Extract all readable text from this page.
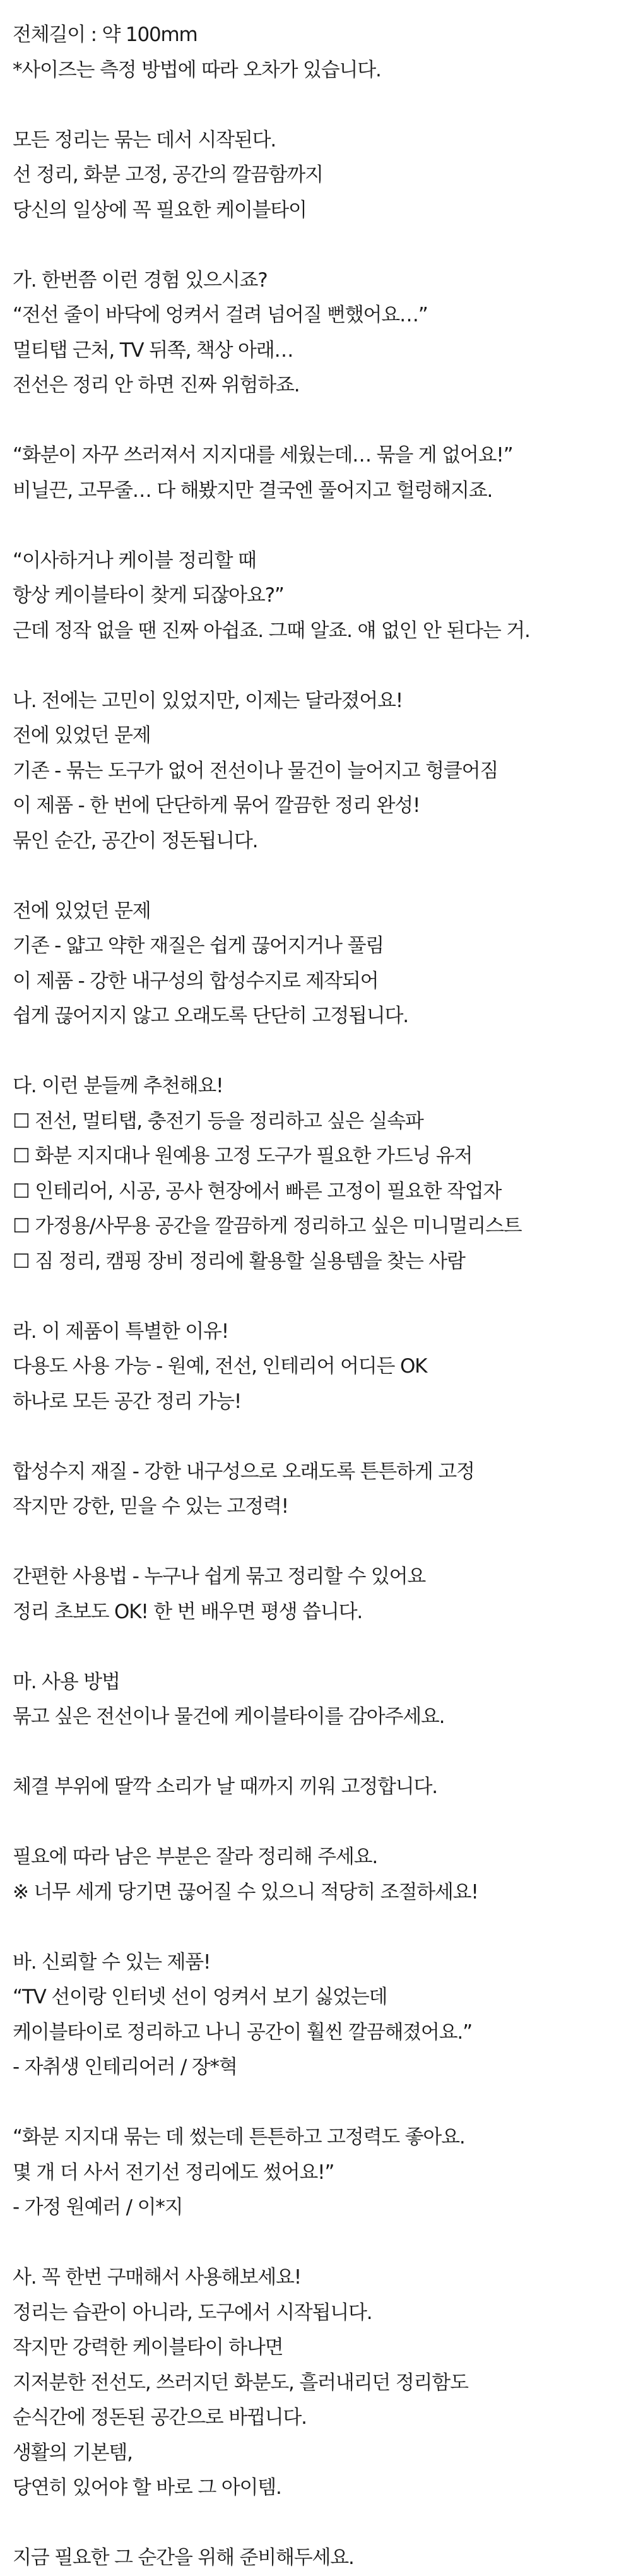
전체길이 : 약 100mm
*사이즈는 측정 방법에 따라 오차가 있습니다.
모든 정리는 묶는 데서 시작된다.
선 정리, 화분 고정, 공간의 깔끔함까지
당신의 일상에 꼭 필요한 케이블타이
가. 한번쯤 이런 경험 있으시죠?
“전선 줄이 바닥에 엉켜서 걸려 넘어질 뻔했어요…”
멀티탭 근처, TV 뒤쪽, 책상 아래…
전선은 정리 안 하면 진짜 위험하죠.
“화분이 자꾸 쓰러져서 지지대를 세웠는데… 묶을 게 없어요!”
비닐끈, 고무줄… 다 해봤지만 결국엔 풀어지고 헐렁해지죠.
“이사하거나 케이블 정리할 때
항상 케이블타이 찾게 되잖아요?”
근데 정작 없을 땐 진짜 아쉽죠. 그때 알죠. 얘 없인 안 된다는 거.
나. 전에는 고민이 있었지만, 이제는 달라졌어요!
전에 있었던 문제
기존 - 묶는 도구가 없어 전선이나 물건이 늘어지고 헝클어짐
이 제품 - 한 번에 단단하게 묶어 깔끔한 정리 완성!
묶인 순간, 공간이 정돈됩니다.
전에 있었던 문제
기존 - 얇고 약한 재질은 쉽게 끊어지거나 풀림
이 제품 - 강한 내구성의 합성수지로 제작되어
쉽게 끊어지지 않고 오래도록 단단히 고정됩니다.
다. 이런 분들께 추천해요!
☐ 전선, 멀티탭, 충전기 등을 정리하고 싶은 실속파
☐ 화분 지지대나 원예용 고정 도구가 필요한 가드닝 유저
☐ 인테리어, 시공, 공사 현장에서 빠른 고정이 필요한 작업자
☐ 가정용/사무용 공간을 깔끔하게 정리하고 싶은 미니멀리스트
☐ 짐 정리, 캠핑 장비 정리에 활용할 실용템을 찾는 사람
라. 이 제품이 특별한 이유!
다용도 사용 가능 - 원예, 전선, 인테리어 어디든 OK
하나로 모든 공간 정리 가능!
합성수지 재질 - 강한 내구성으로 오래도록 튼튼하게 고정
작지만 강한, 믿을 수 있는 고정력!
간편한 사용법 - 누구나 쉽게 묶고 정리할 수 있어요
정리 초보도 OK! 한 번 배우면 평생 씁니다.
마. 사용 방법
묶고 싶은 전선이나 물건에 케이블타이를 감아주세요.
체결 부위에 딸깍 소리가 날 때까지 끼워 고정합니다.
필요에 따라 남은 부분은 잘라 정리해 주세요.
※ 너무 세게 당기면 끊어질 수 있으니 적당히 조절하세요!
바. 신뢰할 수 있는 제품!
“TV 선이랑 인터넷 선이 엉켜서 보기 싫었는데
케이블타이로 정리하고 나니 공간이 훨씬 깔끔해졌어요.”
- 자취생 인테리어러 / 장*혁
“화분 지지대 묶는 데 썼는데 튼튼하고 고정력도 좋아요.
몇 개 더 사서 전기선 정리에도 썼어요!”
- 가정 원예러 / 이*지
사. 꼭 한번 구매해서 사용해보세요!
정리는 습관이 아니라, 도구에서 시작됩니다.
작지만 강력한 케이블타이 하나면
지저분한 전선도, 쓰러지던 화분도, 흘러내리던 정리함도
순식간에 정돈된 공간으로 바뀝니다.
생활의 기본템,
당연히 있어야 할 바로 그 아이템.
지금 필요한 그 순간을 위해 준비해두세요.
